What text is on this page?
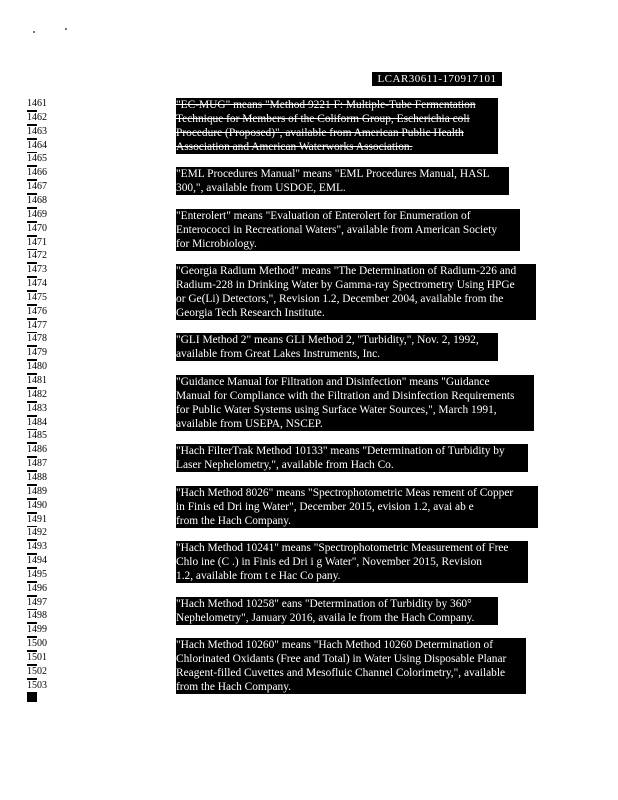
LCAR30611-170917101
1461
1462
1463
1464
1465
1466
1467
1468
1469
1470
1471
1472
1473
1474
1475
1476
1477
1478
1479
1480
1481
1482
1483
1484
1485
1486
1487
1488
1489
1490
1491
1492
1493
1494
1495
1496
1497
1498
1499
1500
1501
1502
1503
"EC-MUG" means "Method 9221 F: Multiple-Tube Fermentation
Technique for Members of the Coliform Group, Escherichia coli
Procedure (Proposed)", available from American Public Health
Association and American Waterworks Association.
"EML Procedures Manual" means "EML Procedures Manual, HASL
300,", available from USDOE, EML.
"Enterolert" means "Evaluation of Enterolert for Enumeration of
Enterococci in Recreational Waters", available from American Society
for Microbiology.
"Georgia Radium Method" means "The Determination of Radium-226 and
Radium-228 in Drinking Water by Gamma-ray Spectrometry Using HPGe
or Ge(Li) Detectors,", Revision 1.2, December 2004, available from the
Georgia Tech Research Institute.
"GLI Method 2" means GLI Method 2, "Turbidity,", Nov. 2, 1992,
available from Great Lakes Instruments, Inc.
"Guidance Manual for Filtration and Disinfection" means "Guidance
Manual for Compliance with the Filtration and Disinfection Requirements
for Public Water Systems using Surface Water Sources,", March 1991,
available from USEPA, NSCEP.
"Hach FilterTrak Method 10133" means "Determination of Turbidity by
Laser Nephelometry,", available from Hach Co.
"Hach Method 8026" means "Spectrophotometric Meas rement of Copper
in Finis ed Dri ing Water", December 2015, evision 1.2, avai ab e
from the Hach Company.
"Hach Method 10241" means "Spectrophotometric Measurement of Free
Chlo ine (C .) in Finis ed Dri i g Water", November 2015, Revision
1.2, available from t e Hac Co pany.
"Hach Method 10258" eans "Determination of Turbidity by 360°
Nephelometry", January 2016, availa le from the Hach Company.
"Hach Method 10260" means "Hach Method 10260 Determination of
Chlorinated Oxidants (Free and Total) in Water Using Disposable Planar
Reagent-filled Cuvettes and Mesofluic Channel Colorimetry,", available
from the Hach Company.
